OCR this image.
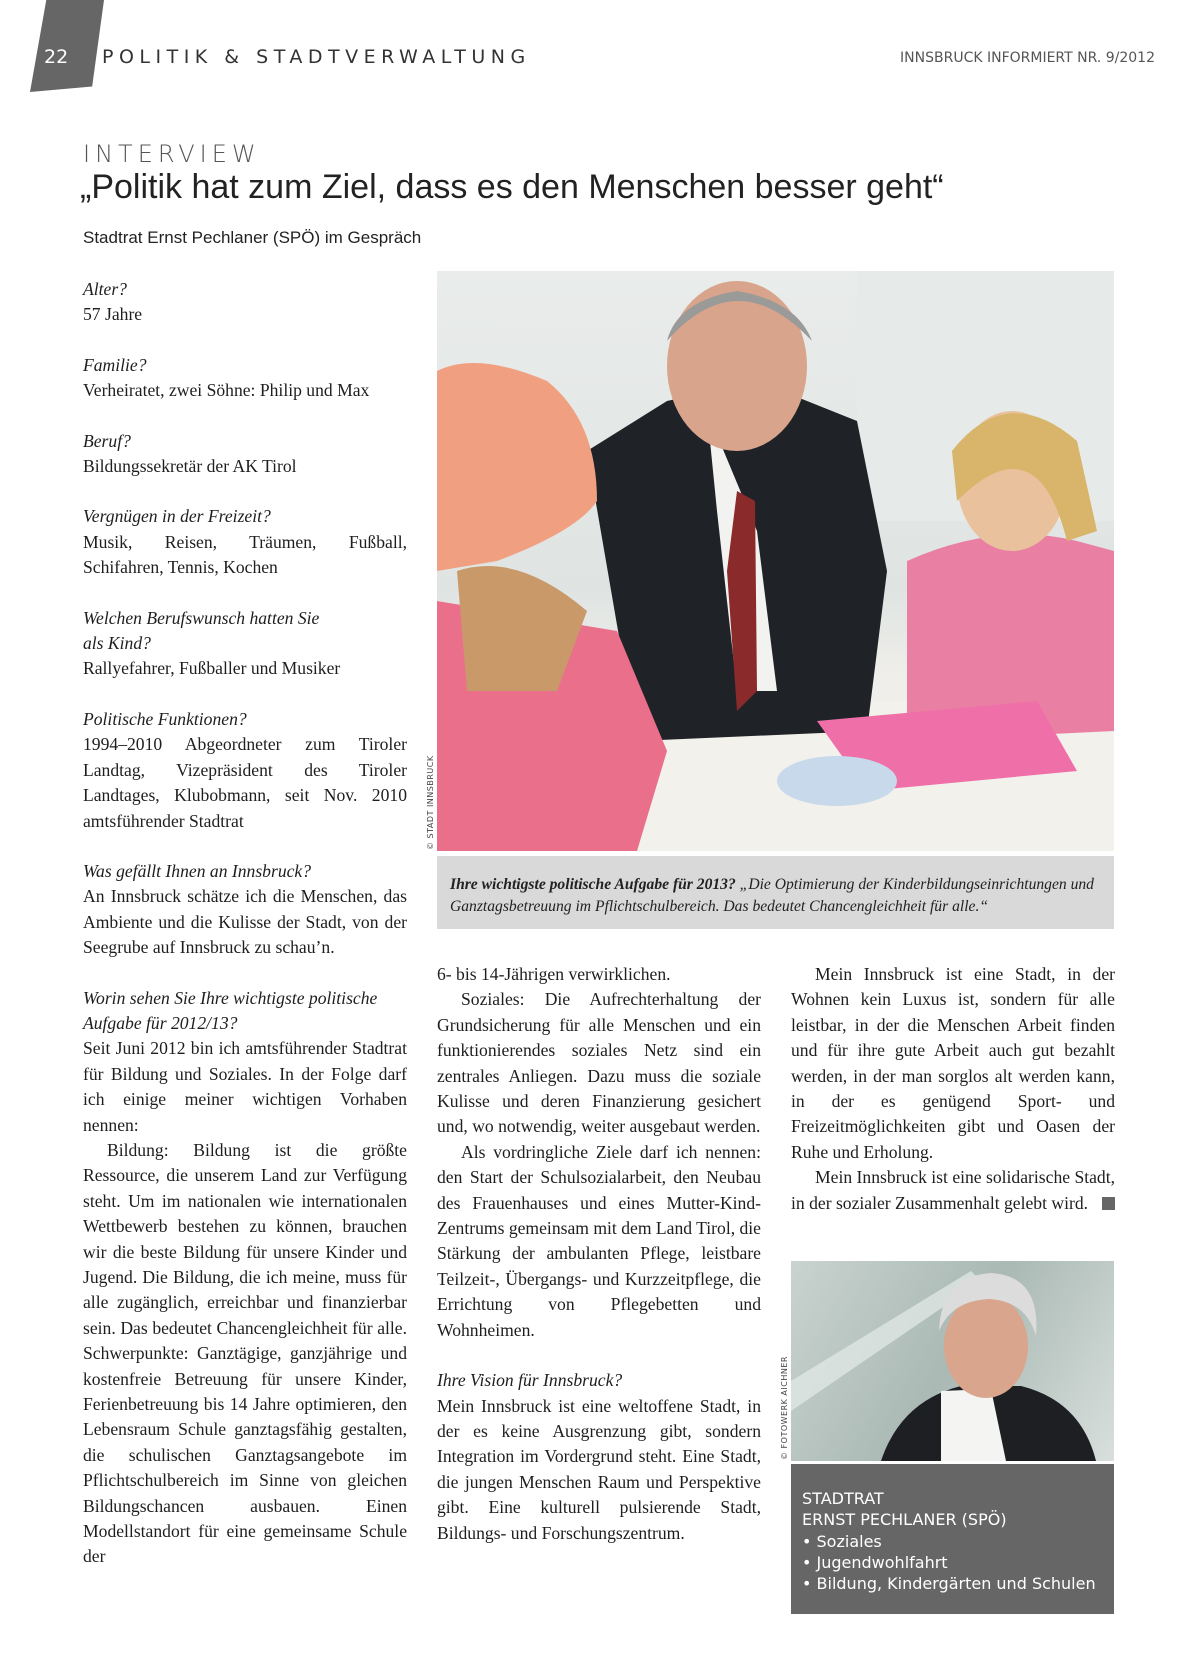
22 POLITIK & STADTVERWALTUNG	INNSBRUCK INFORMIERT NR. 9/2012
INTERVIEW
„Politik hat zum Ziel, dass es den Menschen besser geht“
Stadtrat Ernst Pechlaner (SPÖ) im Gespräch

Alter?

57 Jahre

Familie?

Verheiratet, zwei Söhne: Philip und Max

Beruf?

Bildungssekretär der AK Tirol

Vergnügen in der Freizeit?

Musik, Reisen, Träumen, Fußball, Schifahren, Tennis, Kochen

Welchen Berufswunsch hatten Sie als Kind?

Rallyefahrer, Fußballer und Musiker

Politische Funktionen?

1994–2010 Abgeordneter zum Tiroler Landtag, Vizepräsident des Tiroler Landtages, Klubobmann, seit Nov. 2010 amtsführender Stadtrat

Was gefällt Ihnen an Innsbruck?

An Innsbruck schätze ich die Menschen, das Ambiente und die Kulisse der Stadt, von der Seegrube auf Innsbruck zu schau’n.

Worin sehen Sie Ihre wichtigste politische Aufgabe für 2012/13?

Seit Juni 2012 bin ich amtsführender Stadtrat für Bildung und Soziales. In der Folge darf ich einige meiner wichtigen Vorhaben nennen:

Bildung: Bildung ist die größte Ressource, die unserem Land zur Verfügung steht. Um im nationalen wie internationalen Wettbewerb bestehen zu können, brauchen wir die beste Bildung für unsere Kinder und Jugend. Die Bildung, die ich meine, muss für alle zugänglich, erreichbar und finanzierbar sein. Das bedeutet Chancengleichheit für alle. Schwerpunkte: Ganztägige, ganzjährige und kostenfreie Betreuung für unsere Kinder, Ferienbetreuung bis 14 Jahre optimieren, den Lebensraum Schule ganztagsfähig gestalten, die schulischen Ganztagsangebote im Pflichtschulbereich im Sinne von gleichen Bildungschancen ausbauen. Einen Modellstandort für eine gemeinsame Schule der

© STADT INNSBRUCK
Ihre wichtigste politische Aufgabe für 2013? „Die Optimierung der Kinderbildungseinrichtungen und Ganztagsbetreuung im Pflichtschulbereich. Das bedeutet Chancengleichheit für alle.“

6- bis 14-Jährigen verwirklichen.

Soziales: Die Aufrechterhaltung der Grundsicherung für alle Menschen und ein funktionierendes soziales Netz sind ein zentrales Anliegen. Dazu muss die soziale Kulisse und deren Finanzierung gesichert und, wo notwendig, weiter ausgebaut werden.

Als vordringliche Ziele darf ich nennen: den Start der Schulsozialarbeit, den Neubau des Frauenhauses und eines Mutter-Kind-Zentrums gemeinsam mit dem Land Tirol, die Stärkung der ambulanten Pflege, leistbare Teilzeit-, Übergangs- und Kurzzeitpflege, die Errichtung von Pflegebetten und Wohnheimen.

Ihre Vision für Innsbruck?

Mein Innsbruck ist eine weltoffene Stadt, in der es keine Ausgrenzung gibt, sondern Integration im Vordergrund steht. Eine Stadt, die jungen Menschen Raum und Perspektive gibt. Eine kulturell pulsierende Stadt, Bildungs- und Forschungszentrum.

Mein Innsbruck ist eine Stadt, in der Wohnen kein Luxus ist, sondern für alle leistbar, in der die Menschen Arbeit finden und für ihre gute Arbeit auch gut bezahlt werden, in der man sorglos alt werden kann, in der es genügend Sport- und Freizeitmöglichkeiten gibt und Oasen der Ruhe und Erholung.

Mein Innsbruck ist eine solidarische Stadt, in der sozialer Zusammenhalt gelebt wird.

© FOTOWERK AICHNER
STADTRAT
ERNST PECHLANER (SPÖ)
• Soziales
• Jugendwohlfahrt
• Bildung, Kindergärten und Schulen
